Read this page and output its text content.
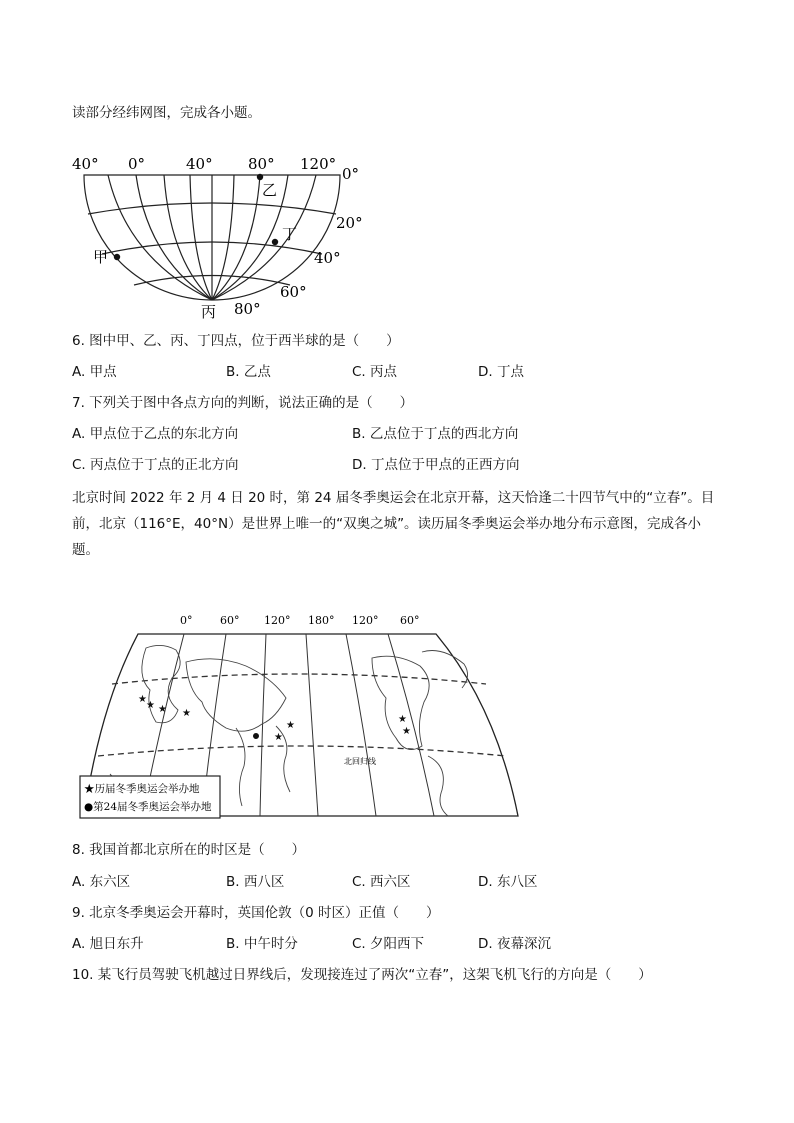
读部分经纬网图，完成各小题。
40° 0°	40° 80° 120°
0°
20°
40°
60°
80°
甲
乙
丁
丙
6. 图中甲、乙、丙、丁四点，位于西半球的是（　　）
A. 甲点	B. 乙点	C. 丙点	D. 丁点
7. 下列关于图中各点方向的判断，说法正确的是（　　）
A. 甲点位于乙点的东北方向	B. 乙点位于丁点的西北方向
C. 丙点位于丁点的正北方向	D. 丁点位于甲点的正西方向
北京时间 2022 年 2 月 4 日 20 时，第 24 届冬季奥运会在北京开幕，这天恰逢二十四节气中的“立春”。目前，北京（116°E，40°N）是世界上唯一的“双奥之城”。读历届冬季奥运会举办地分布示意图，完成各小题。
0°	60° 120° 180° 120° 60°
北回归线
★
★ ★ ★
★
★
★
★
★历届冬季奥运会举办地
●第24届冬季奥运会举办地
8. 我国首都北京所在的时区是（　　）
A. 东六区	B. 西八区	C. 西六区	D. 东八区
9. 北京冬季奥运会开幕时，英国伦敦（0 时区）正值（　　）
A. 旭日东升	B. 中午时分	C. 夕阳西下	D. 夜幕深沉
10. 某飞行员驾驶飞机越过日界线后，发现接连过了两次“立春”，这架飞机飞行的方向是（　　）
